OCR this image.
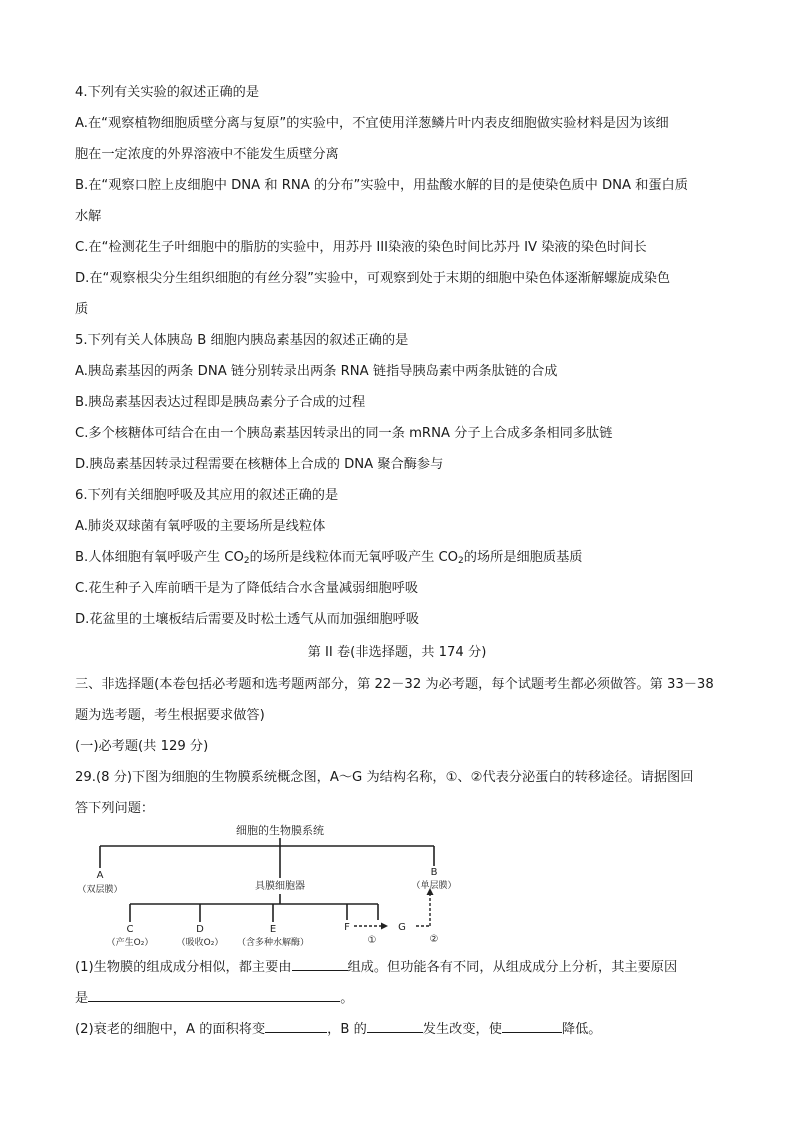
4.下列有关实验的叙述正确的是
A.在“观察植物细胞质壁分离与复原”的实验中，不宜使用洋葱鳞片叶内表皮细胞做实验材料是因为该细
胞在一定浓度的外界溶液中不能发生质壁分离
B.在“观察口腔上皮细胞中 DNA 和 RNA 的分布”实验中，用盐酸水解的目的是使染色质中 DNA 和蛋白质
水解
C.在“检测花生子叶细胞中的脂肪的实验中，用苏丹 III染液的染色时间比苏丹 IV 染液的染色时间长
D.在“观察根尖分生组织细胞的有丝分裂”实验中，可观察到处于末期的细胞中染色体逐渐解螺旋成染色
质
5.下列有关人体胰岛 B 细胞内胰岛素基因的叙述正确的是
A.胰岛素基因的两条 DNA 链分别转录出两条 RNA 链指导胰岛素中两条肽链的合成
B.胰岛素基因表达过程即是胰岛素分子合成的过程
C.多个核糖体可结合在由一个胰岛素基因转录出的同一条 mRNA 分子上合成多条相同多肽链
D.胰岛素基因转录过程需要在核糖体上合成的 DNA 聚合酶参与
6.下列有关细胞呼吸及其应用的叙述正确的是
A.肺炎双球菌有氧呼吸的主要场所是线粒体
B.人体细胞有氧呼吸产生 $CO_2$的场所是线粒体而无氧呼吸产生 $CO_2$的场所是细胞质基质
C.花生种子入库前晒干是为了降低结合水含量减弱细胞呼吸
D.花盆里的土壤板结后需要及时松土透气从而加强细胞呼吸
第 II 卷(非选择题，共 174 分)
三、非选择题(本卷包括必考题和选考题两部分，第 22－32 为必考题，每个试题考生都必须做答。第 33－38
题为选考题，考生根据要求做答)
(一)必考题(共 129 分)
29.(8 分)下图为细胞的生物膜系统概念图，A～G 为结构名称，①、②代表分泌蛋白的转移途径。请据图回
答下列问题：
细胞的生物膜系统
A
（双层膜）	具膜细胞器
B
（单层膜）
C
（产生O₂）
D
（吸收O₂）
E
（含多种水解酶）
F	G
①	②
(1)生物膜的组成成分相似，都主要由	组成。但功能各有不同，从组成成分上分析，其主要原因
是	。
(2)衰老的细胞中，A 的面积将变	，B 的	发生改变，使	降低。
